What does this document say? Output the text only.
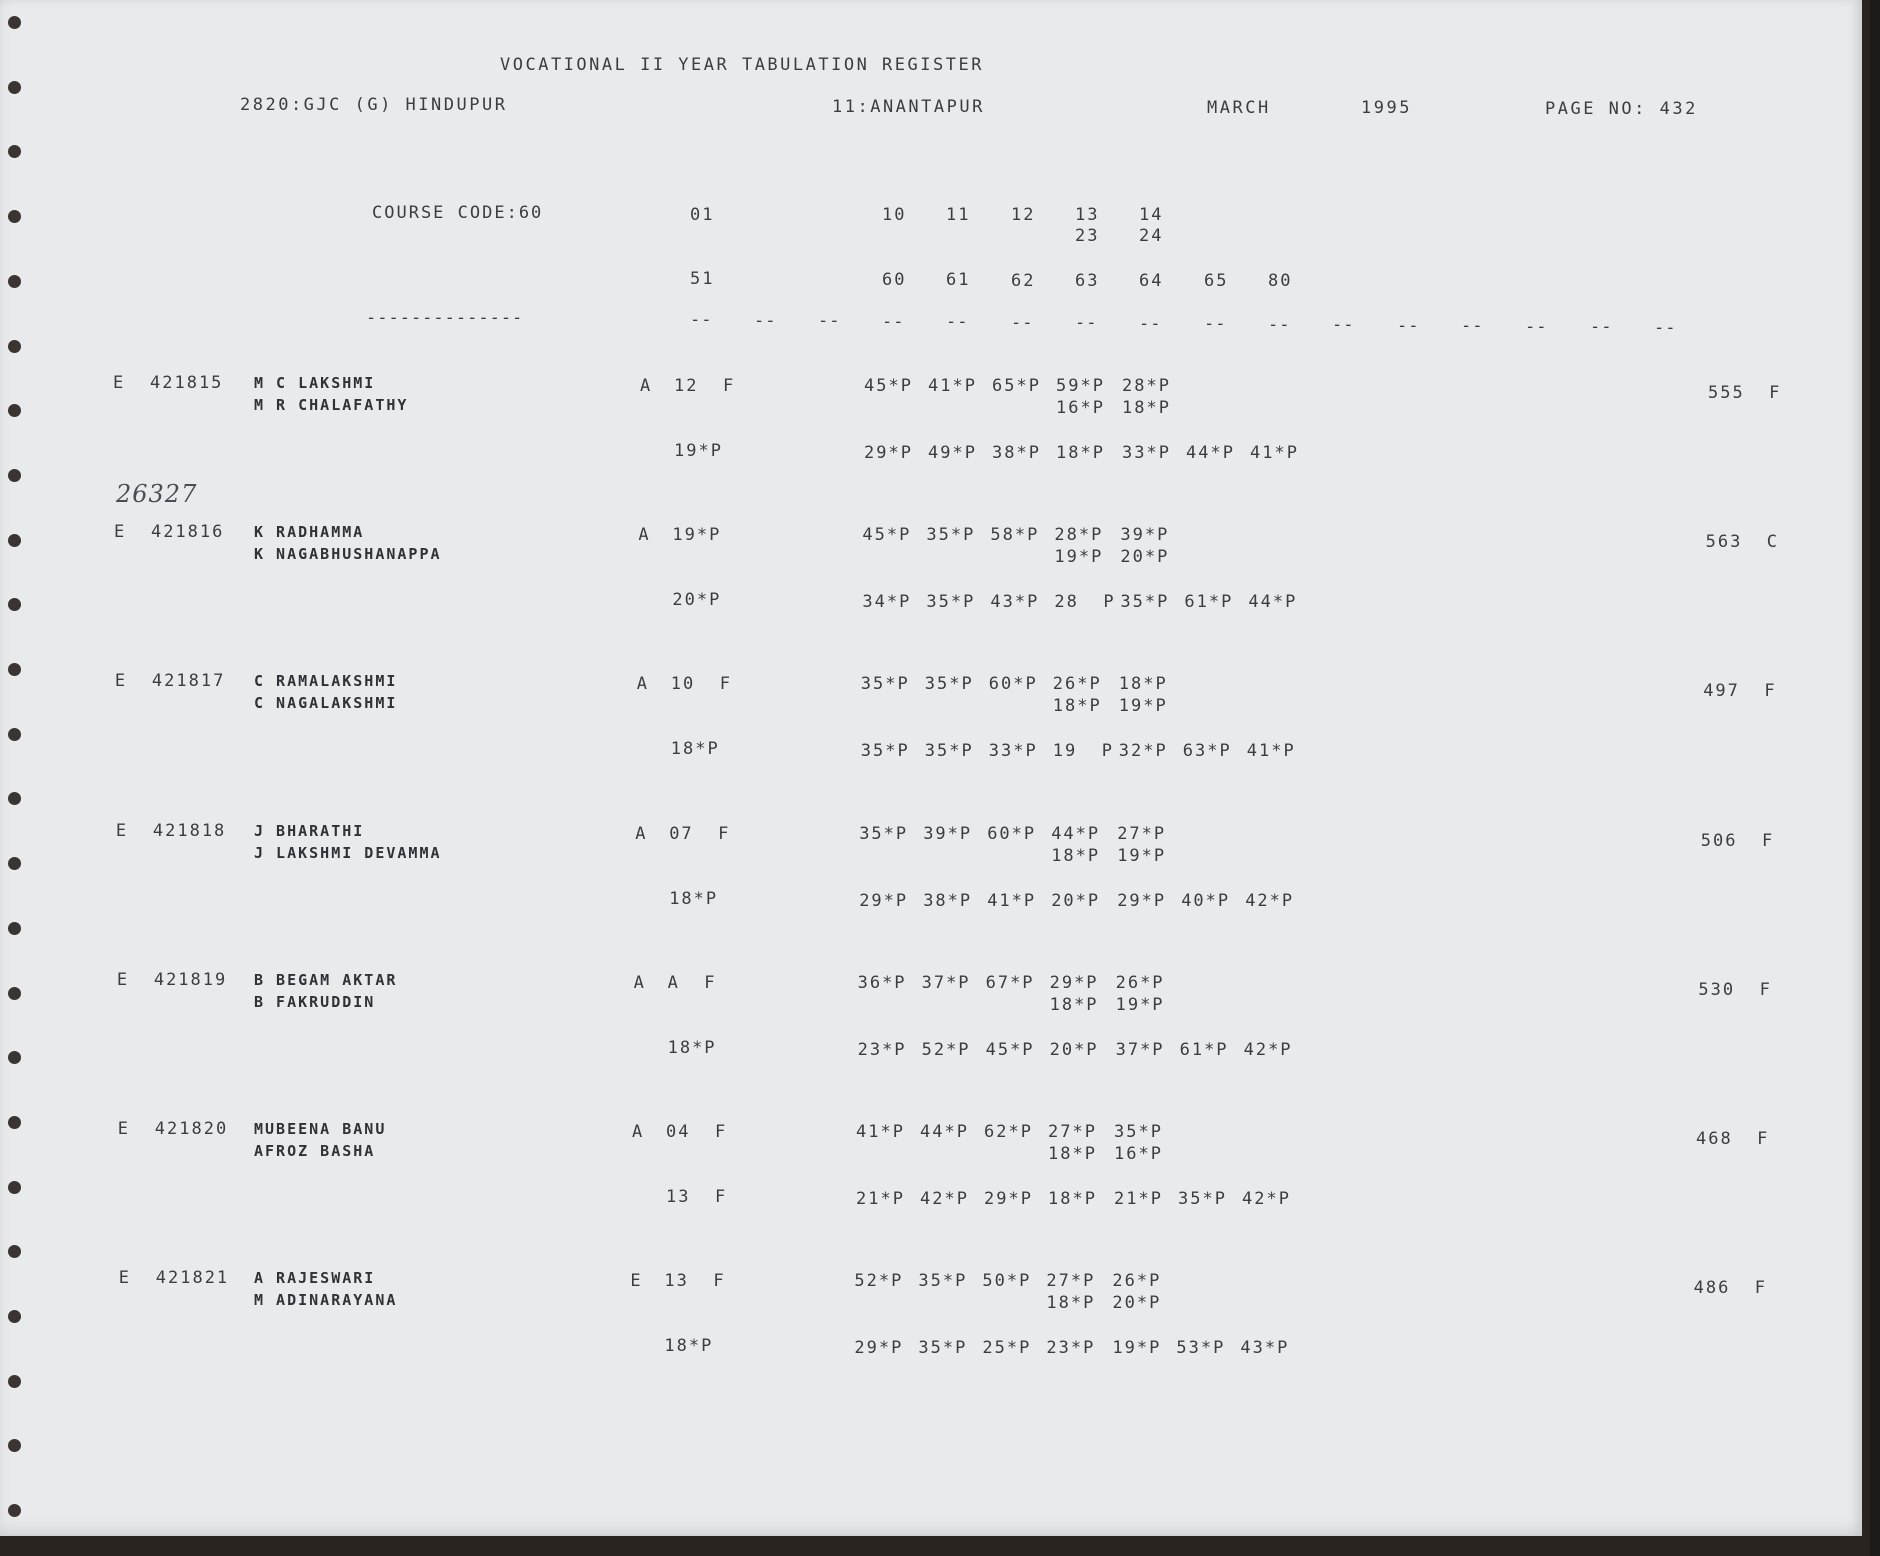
VOCATIONAL II YEAR TABULATION REGISTER
2820:GJC (G) HINDUPUR	11:ANANTAPUR	MARCH	1995	PAGE NO: 432
COURSE CODE:60	01	10 11 12 13 14
23 24
51	60 61 62 63 64 65 80
--------------	-- -- -- -- --	-- -- --	-- -- --	-- -- --	-- --
26327
E 421815 M C LAKSHMI
M R CHALAFATHY
A 12  F	45*P 41*P 65*P 59*P 28*P
16*P 18*P
19*P	29*P 49*P 38*P 18*P 33*P 44*P 41*P
555  F
E 421816 K RADHAMMA
K NAGABHUSHANAPPA
A 19*P	45*P 35*P 58*P 28*P 39*P
19*P 20*P
20*P	34*P 35*P 43*P 28  P 35*P 61*P 44*P
563  C
E 421817 C RAMALAKSHMI
C NAGALAKSHMI
A 10  F	35*P 35*P 60*P 26*P 18*P
18*P 19*P
18*P	35*P 35*P 33*P 19  P 32*P 63*P 41*P
497  F
E 421818 J BHARATHI
J LAKSHMI DEVAMMA
A 07  F	35*P 39*P 60*P 44*P 27*P
18*P 19*P
18*P	29*P 38*P 41*P 20*P 29*P 40*P 42*P
506  F
E 421819 B BEGAM AKTAR
B FAKRUDDIN
A A  F	36*P 37*P 67*P 29*P 26*P
18*P 19*P
18*P	23*P 52*P 45*P 20*P 37*P 61*P 42*P
530  F
E 421820 MUBEENA BANU
AFROZ BASHA
A 04  F	41*P 44*P 62*P 27*P 35*P
18*P 16*P
13  F	21*P 42*P 29*P 18*P 21*P 35*P 42*P
468  F
E 421821 A RAJESWARI
M ADINARAYANA
E 13  F	52*P 35*P 50*P 27*P 26*P
18*P 20*P
18*P	29*P 35*P 25*P 23*P 19*P 53*P 43*P
486  F
